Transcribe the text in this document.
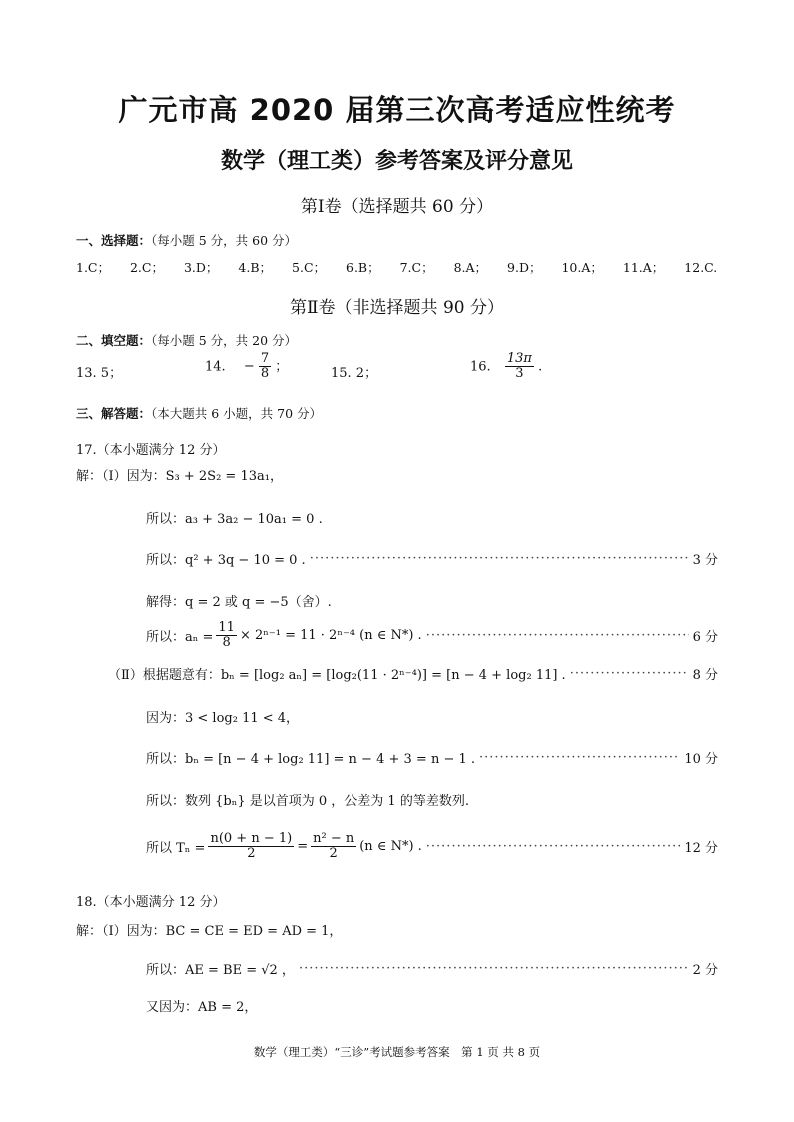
广元市高 2020 届第三次高考适应性统考
数学（理工类）参考答案及评分意见
第Ⅰ卷（选择题共 60 分）
一、选择题：（每小题 5 分，共 60 分）
1.C； 2.C； 3.D； 4.B； 5.C； 6.B； 7.C； 8.A； 9.D； 10.A； 11.A； 12.C.
第Ⅱ卷（非选择题共 90 分）
二、填空题：（每小题 5 分，共 20 分）
13. 5；	14. − $\frac{7}{8}$ ；	15. 2；	16. $\frac{13\pi}{3}$ .
三、解答题：（本大题共 6 小题，共 70 分）
17.（本小题满分 12 分）
解：（Ⅰ）因为：S₃ + 2S₂ = 13a₁，
所以：a₃ + 3a₂ − 10a₁ = 0 .
所以：q² + 3q − 10 = 0 . ·····	3 分
解得：q = 2 或 q = −5（舍）.
所以：$a_n = \frac{11}{8} \times 2^{n-1} = 11 \cdot 2^{n-4}$ (n ∈ N*) . ·····	6 分
（Ⅱ）根据题意有：bₙ = [log₂ aₙ] = [log₂(11 · 2ⁿ⁻⁴)] = [n − 4 + log₂ 11] . ·····	8 分
因为：3 < log₂ 11 < 4，
所以：bₙ = [n − 4 + log₂ 11] = n − 4 + 3 = n − 1 . ·····	10 分
所以：数列 {bₙ} 是以首项为 0 ，公差为 1 的等差数列.
所以 $T_n = \frac{n(0 + n - 1)}{2} = \frac{\text{n² − n}}{2} (n$ ∈ N*) . ·····	12 分
18.（本小题满分 12 分）
解：（Ⅰ）因为：BC = CE = ED = AD = 1，
所以：AE = BE = √2 ， ·····	2 分
又因为：AB = 2，
数学（理工类）“三诊”考试题参考答案　第 1 页 共 8 页
